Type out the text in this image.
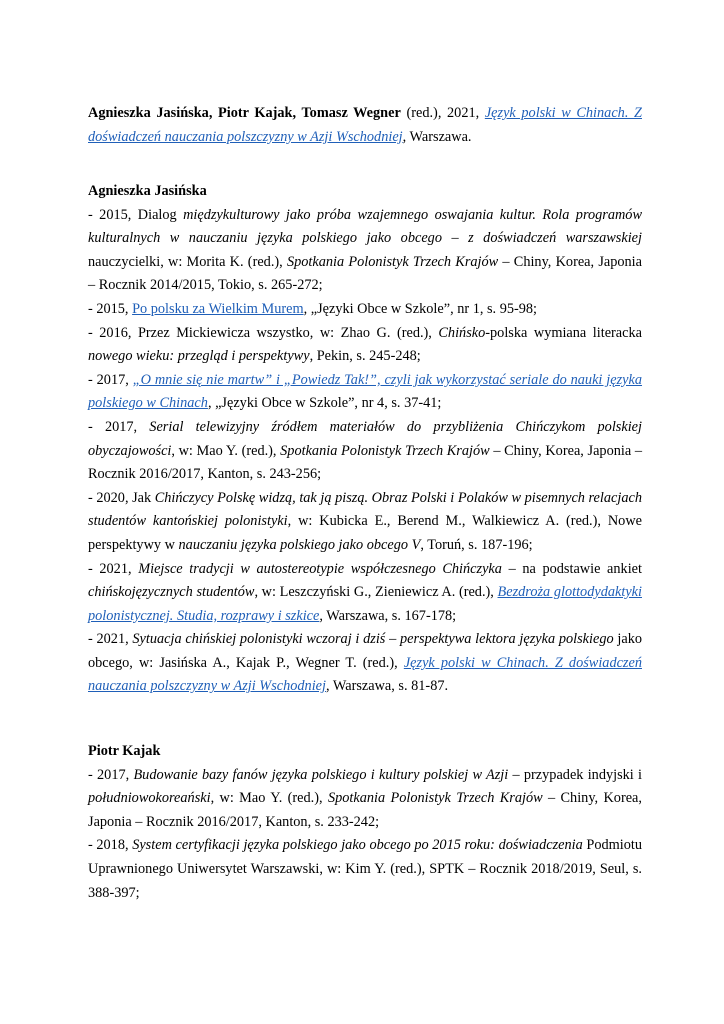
Agnieszka Jasińska, Piotr Kajak, Tomasz Wegner (red.), 2021, Język polski w Chinach. Z doświadczeń nauczania polszczyzny w Azji Wschodniej, Warszawa.

Agnieszka Jasińska

- 2015, Dialog międzykulturowy jako próba wzajemnego oswajania kultur. Rola programów kulturalnych w nauczaniu języka polskiego jako obcego – z doświadczeń warszawskiej nauczycielki, w: Morita K. (red.), Spotkania Polonistyk Trzech Krajów – Chiny, Korea, Japonia – Rocznik 2014/2015, Tokio, s. 265-272;

- 2015, Po polsku za Wielkim Murem, „Języki Obce w Szkole”, nr 1, s. 95-98;

- 2016, Przez Mickiewicza wszystko, w: Zhao G. (red.), Chińsko-polska wymiana literacka nowego wieku: przegląd i perspektywy, Pekin, s. 245-248;

- 2017, „O mnie się nie martw” i „Powiedz Tak!”, czyli jak wykorzystać seriale do nauki języka polskiego w Chinach, „Języki Obce w Szkole”, nr 4, s. 37-41;

- 2017, Serial telewizyjny źródłem materiałów do przybliżenia Chińczykom polskiej obyczajowości, w: Mao Y. (red.), Spotkania Polonistyk Trzech Krajów – Chiny, Korea, Japonia – Rocznik 2016/2017, Kanton, s. 243-256;

- 2020, Jak Chińczycy Polskę widzą, tak ją piszą. Obraz Polski i Polaków w pisemnych relacjach studentów kantońskiej polonistyki, w: Kubicka E., Berend M., Walkiewicz A. (red.), Nowe perspektywy w nauczaniu języka polskiego jako obcego V, Toruń, s. 187-196;

- 2021, Miejsce tradycji w autostereotypie współczesnego Chińczyka – na podstawie ankiet chińskojęzycznych studentów, w: Leszczyński G., Zieniewicz A. (red.), Bezdroża glottodydaktyki polonistycznej. Studia, rozprawy i szkice, Warszawa, s. 167-178;

- 2021, Sytuacja chińskiej polonistyki wczoraj i dziś – perspektywa lektora języka polskiego jako obcego, w: Jasińska A., Kajak P., Wegner T. (red.), Język polski w Chinach. Z doświadczeń nauczania polszczyzny w Azji Wschodniej, Warszawa, s. 81-87.

Piotr Kajak

- 2017, Budowanie bazy fanów języka polskiego i kultury polskiej w Azji – przypadek indyjski i południowokoreański, w: Mao Y. (red.), Spotkania Polonistyk Trzech Krajów – Chiny, Korea, Japonia – Rocznik 2016/2017, Kanton, s. 233-242;

- 2018, System certyfikacji języka polskiego jako obcego po 2015 roku: doświadczenia Podmiotu Uprawnionego Uniwersytet Warszawski, w: Kim Y. (red.), SPTK – Rocznik 2018/2019, Seul, s. 388-397;
